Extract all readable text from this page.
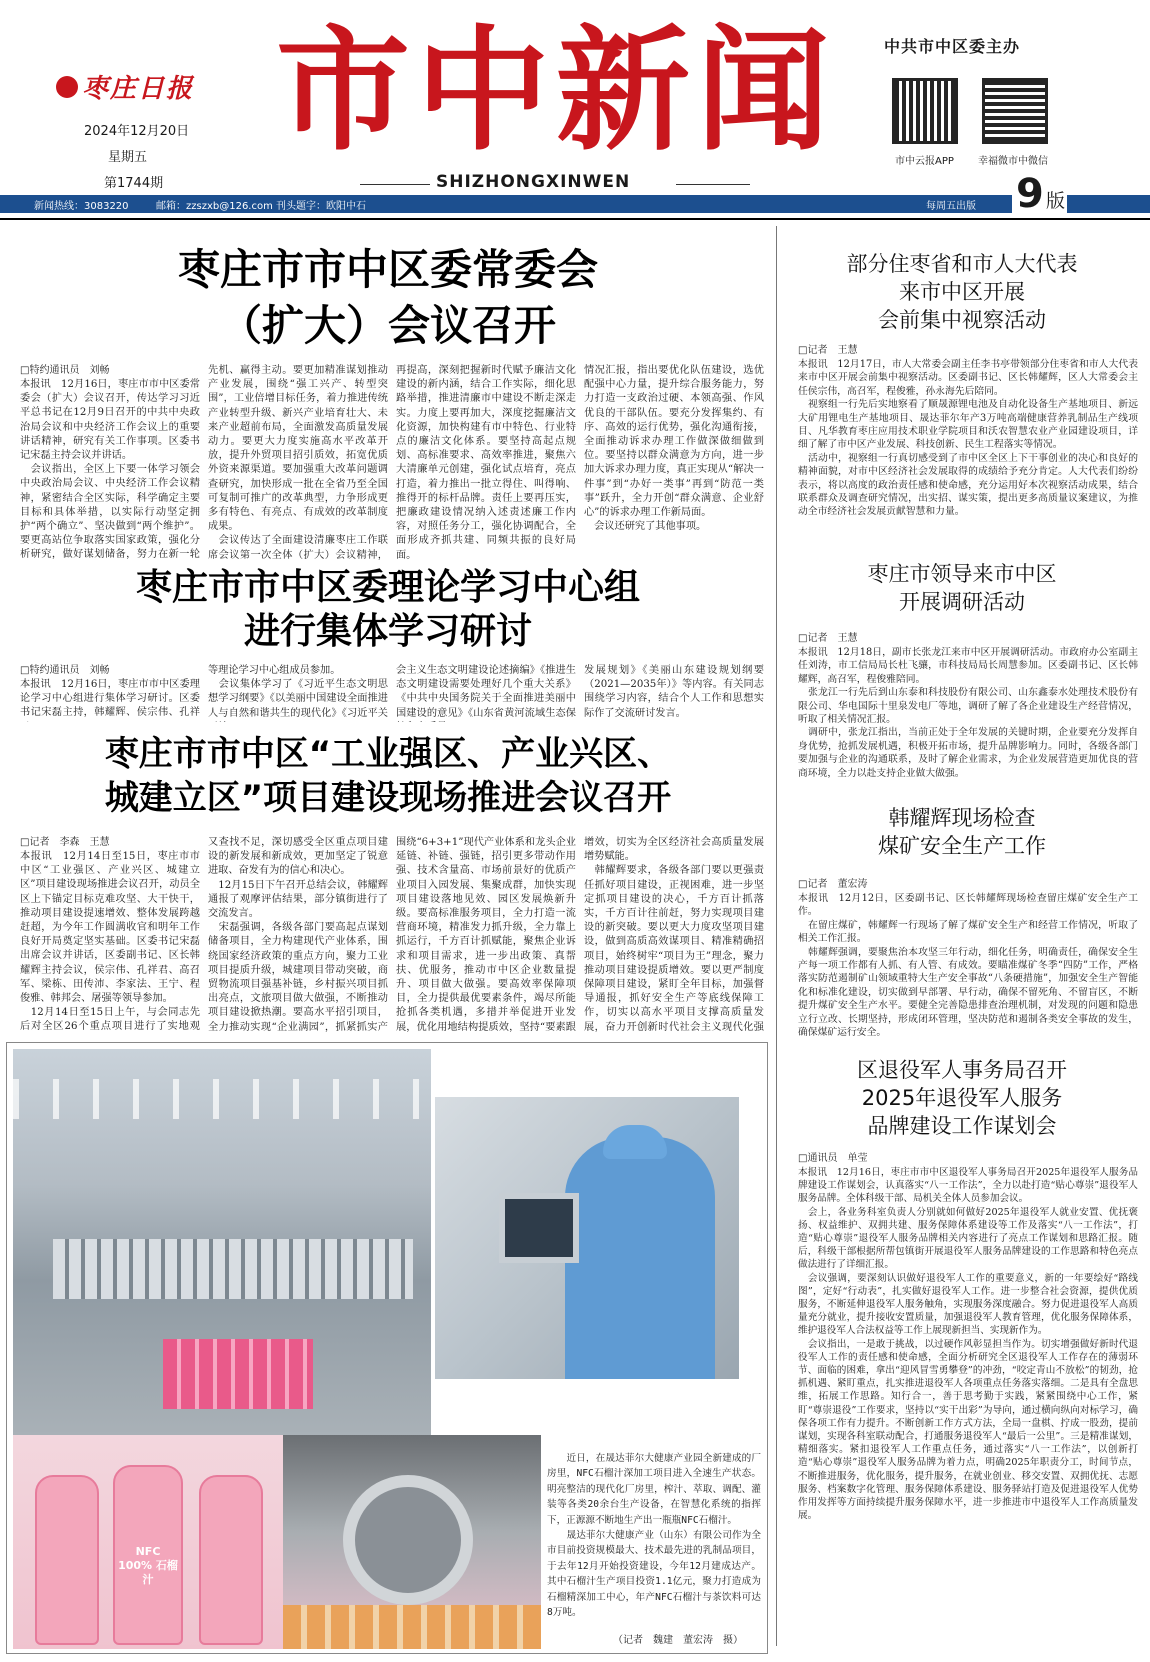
枣庄日报
2024年12月20日
星期五
第1744期
市中新闻
SHIZHONGXINWEN
中共市中区委主办
市中云报APP 幸福微市中微信
新闻热线：3083220	邮箱：zzszxb@126.com 刊头题字：欧阳中石	每周五出版 9 版
枣庄市市中区委常委会
（扩大）会议召开
□特约通讯员　刘畅
本报讯　12月16日，枣庄市市中区委常委会（扩大）会议召开，传达学习习近平总书记在12月9日召开的中共中央政治局会议和中央经济工作会议上的重要讲话精神，研究有关工作事项。区委书记宋磊主持会议并讲话。
　会议指出，全区上下要一体学习领会中央政治局会议、中央经济工作会议精神，紧密结合全区实际，科学确定主要目标和具体举措，以实际行动坚定拥护“两个确立”、坚决做到“两个维护”。要更高站位争取落实国家政策，强化分析研究，做好谋划储备，努力在新一轮
先机、赢得主动。要更加精准谋划推动产业发展，围绕“强工兴产、转型突围”，工业倍增目标任务，着力推进传统产业转型升级、新兴产业培育壮大、未来产业超前布局，全面激发高质量发展动力。要更大力度实施高水平改革开放，提升外贸项目招引质效，拓宽优质外资来源渠道。要加强重大改革问题调查研究，加快形成一批在全省乃至全国可复制可推广的改革典型，力争形成更多有特色、有亮点、有成效的改革制度成果。
　会议传达了全面建设清廉枣庄工作联席会议第一次全体（扩大）会议精神，
再提高，深刻把握新时代赋予廉洁文化建设的新内涵，结合工作实际，细化思路举措，推进清廉市中建设不断走深走实。力度上要再加大，深度挖掘廉洁文化资源，加快构建有市中特色、行业特点的廉洁文化体系。要坚持高起点规划、高标准要求、高效率推进，聚焦六大清廉单元创建，强化试点培育，亮点打造，着力推出一批立得住、叫得响、推得开的标杆品牌。责任上要再压实，把廉政建设情况纳入述责述廉工作内容，对照任务分工，强化协调配合，全面形成齐抓共建、同频共振的良好局面。

情况汇报，指出要优化队伍建设，选优配强中心力量，提升综合服务能力，努力打造一支政治过硬、本领高强、作风优良的干部队伍。要充分发挥集约、有序、高效的运行优势，强化沟通衔接，全面推动诉求办理工作做深做细做到位。要坚持以群众满意为方向，进一步加大诉求办理力度，真正实现从“解决一件事”到“办好一类事”再到“防范一类事”跃升，全力开创“群众满意、企业舒心”的诉求办理工作新局面。
　会议还研究了其他事项。
枣庄市市中区委理论学习中心组
进行集体学习研讨
□特约通讯员　刘畅
本报讯　12月16日，枣庄市市中区委理论学习中心组进行集体学习研讨。区委书记宋磊主持，韩耀辉、侯宗伟、孔祥
等理论学习中心组成员参加。
　会议集体学习了《习近平生态文明思想学习纲要》《以美丽中国建设全面推进人与自然和谐共生的现代化》《习近平关
会主义生态文明建设论述摘编》《推进生态文明建设需要处理好几个重大关系》《中共中央国务院关于全面推进美丽中国建设的意见》《山东省黄河流域生态保
发展规划》《美丽山东建设规划纲要（2021—2035年）》等内容。有关同志围绕学习内容，结合个人工作和思想实际作了交流研讨发言。
枣庄市市中区“工业强区、产业兴区、
城建立区”项目建设现场推进会议召开
□记者　李森　王慧
本报讯　12月14日至15日，枣庄市市中区“工业强区、产业兴区、城建立区”项目建设现场推进会议召开，动员全区上下锚定目标克难攻坚、大干快干，推动项目建设提速增效、整体发展跨越赶超，为今年工作圆满收官和明年工作良好开局奠定坚实基础。区委书记宋磊出席会议并讲话，区委副书记、区长韩耀辉主持会议，侯宗伟、孔祥君、高召军、梁栋、田传沛、李家法、王宁、程俊雅、韩邦会、屠强等领导参加。
　12月14日至15日上午，与会同志先后对全区26个重点项目进行了实地观
又查找不足，深切感受全区重点项目建设的新发展和新成效，更加坚定了锐意进取、奋发有为的信心和决心。
　12月15日下午召开总结会议，韩耀辉通报了观摩评估结果，部分镇街进行了交流发言。
　宋磊强调，各级各部门要高起点谋划储备项目，全力构建现代产业体系，围绕国家经济政策的重点方向，聚力工业项目提质升级，城建项目带动突破，商贸物流项目强基补链，乡村振兴项目抓出亮点，文旅项目做大做强，不断推动项目建设掀热潮。要高水平招引项目，全力推动实现“企业满园”，抓紧抓实产
围绕“6+3+1”现代产业体系和龙头企业延链、补链、强链，招引更多带动作用强、技术含量高、市场前景好的优质产业项目入园发展、集聚成群，加快实现项目建设落地见效、园区发展焕新升级。要高标准服务项目，全力打造一流营商环境，精准发力抓升级，全力靠上抓运行，千方百计抓赋能，聚焦企业诉求和项目需求，进一步出政策、真帮扶、优服务，推动市中区企业数量提升、项目做大做强。要高效率保障项目，全力提供最优要素条件，竭尽所能抢抓各类机遇，多措并举促进开业发展，优化用地结构提质效，坚持“要素跟
增效，切实为全区经济社会高质量发展增势赋能。
　韩耀辉要求，各级各部门要以更强责任抓好项目建设，正视困难，进一步坚定抓项目建设的决心，千方百计抓落实，千方百计往前赶，努力实现项目建设的新突破。要以更大力度攻坚项目建设，做到高质高效谋项目、精准精确招项目，始终树牢“项目为王”理念，聚力推动项目建设提质增效。要以更严制度保障项目建设，紧盯全年目标，加强督导通报，抓好安全生产等底线保障工作，切实以高水平项目支撑高质量发展，奋力开创新时代社会主义现代化强
NFC 100% 石榴汁
　　近日，在晟达菲尔大健康产业园全新建成的厂房里，NFC石榴汁深加工项目进入全速生产状态。明亮整洁的现代化厂房里，榨汁、萃取、调配、灌装等各类20余台生产设备，在智慧化系统的指挥下，正源源不断地生产出一瓶瓶NFC石榴汁。
　　晟达菲尔大健康产业（山东）有限公司作为全市目前投资规模最大、技术最先进的乳制品项目，于去年12月开始投资建设，今年12月建成达产。其中石榴汁生产项目投资1.1亿元，聚力打造成为石榴精深加工中心，年产NFC石榴汁与茶饮料可达8万吨。
（记者　魏建　董宏涛　摄）
部分住枣省和市人大代表
来市中区开展
会前集中视察活动
□记者　王慧
本报讯　12月17日，市人大常委会副主任李书亭带领部分住枣省和市人大代表来市中区开展会前集中视察活动。区委副书记、区长韩耀辉，区人大常委会主任侯宗伟，高召军，程俊雅，孙永海先后陪同。
　视察组一行先后实地察看了顺晟源锂电池及自动化设备生产基地项目、新远大矿用锂电生产基地项目、晟达菲尔年产3万吨高端健康营养乳制品生产线项目、凡华教育枣庄应用技术职业学院项目和沃农智慧农业产业园建设项目，详细了解了市中区产业发展、科技创新、民生工程落实等情况。
　活动中，视察组一行真切感受到了市中区全区上下干事创业的决心和良好的精神面貌，对市中区经济社会发展取得的成绩给予充分肯定。人大代表们纷纷表示，将以高度的政治责任感和使命感，充分运用好本次视察活动成果，结合联系群众及调查研究情况，出实招、谋实策，提出更多高质量议案建议，为推动全市经济社会发展贡献智慧和力量。
枣庄市领导来市中区
开展调研活动
□记者　王慧
本报讯　12月18日，副市长张龙江来市中区开展调研活动。市政府办公室副主任刘涛，市工信局局长杜飞骧，市科技局局长周慧参加。区委副书记、区长韩耀辉，高召军，程俊雅陪同。
　张龙江一行先后到山东泰和科技股份有限公司、山东鑫泰水处理技术股份有限公司、华电国际十里泉发电厂等地，调研了解了各企业建设生产经营情况，听取了相关情况汇报。
　调研中，张龙江指出，当前正处于全年发展的关键时期，企业要充分发挥自身优势，抢抓发展机遇，积极开拓市场，提升品牌影响力。同时，各级各部门要加强与企业的沟通联系，及时了解企业需求，为企业发展营造更加优良的营商环境，全力以赴支持企业做大做强。
韩耀辉现场检查
煤矿安全生产工作
□记者　董宏涛
本报讯　12月12日，区委副书记、区长韩耀辉现场检查留庄煤矿安全生产工作。
　在留庄煤矿，韩耀辉一行现场了解了煤矿安全生产和经营工作情况，听取了相关工作汇报。
　韩耀辉强调，要聚焦治本攻坚三年行动，细化任务，明确责任，确保安全生产每一项工作都有人抓、有人管、有成效。要瞄准煤矿冬季“四防”工作，严格落实防范遏制矿山领域重特大生产安全事故“八条硬措施”，加强安全生产智能化和标准化建设，切实做到早部署、早行动，确保不留死角、不留盲区，不断提升煤矿安全生产水平。要健全完善隐患排查治理机制，对发现的问题和隐患立行立改、长期坚持，形成闭环管理，坚决防范和遏制各类安全事故的发生，确保煤矿运行安全。
区退役军人事务局召开
2025年退役军人服务
品牌建设工作谋划会
□通讯员　单莹
本报讯　12月16日，枣庄市市中区退役军人事务局召开2025年退役军人服务品牌建设工作谋划会，认真落实“八一工作法”，全力以赴打造“贴心尊崇”退役军人服务品牌。全体科级干部、局机关全体人员参加会议。
　会上，各业务科室负责人分别就如何做好2025年退役军人就业安置、优抚褒扬、权益维护、双拥共建、服务保障体系建设等工作及落实“八一工作法”，打造“贴心尊崇”退役军人服务品牌相关内容进行了亮点工作谋划和思路汇报。随后，科级干部根据所帮包镇街开展退役军人服务品牌建设的工作思路和特色亮点做法进行了详细汇报。
　会议强调，要深刻认识做好退役军人工作的重要意义，新的一年要绘好“路线图”，定好“行动表”，扎实做好退役军人工作。进一步整合社会资源，提供优质服务，不断延伸退役军人服务触角，实现服务深度融合。努力促进退役军人高质量充分就业，提升接收安置质量，加强退役军人教育管理，优化服务保障体系，维护退役军人合法权益等工作上展现新担当、实现新作为。
　会议指出，一是敢于挑战，以过硬作风彰显担当作为。切实增强做好新时代退役军人工作的责任感和使命感，全面分析研究全区退役军人工作存在的薄弱环节、面临的困难，拿出“迎风冒雪勇攀登”的冲劲，“咬定青山不放松”的韧劲，抢抓机遇、紧盯重点，扎实推进退役军人各项重点任务落实落细。二是具有全盘思维，拓展工作思路。知行合一，善于思考勤于实践，紧紧围绕中心工作，紧盯“尊崇退役”工作要求，坚持以“实干出彩”为导向，通过横向纵向对标学习，确保各项工作有力提升。不断创新工作方式方法，全局一盘棋、拧成一股劲，提前谋划，实现各科室联动配合，打通服务退役军人“最后一公里”。三是精准谋划，精细落实。紧扣退役军人工作重点任务，通过落实“八一工作法”，以创新打造“贴心尊崇”退役军人服务品牌为着力点，明确2025年职责分工，时间节点，不断推进服务，优化服务，提升服务，在就业创业、移交安置、双拥优抚、志愿服务、档案数字化管理、服务保障体系建设、服务驿站打造及促进退役军人优势作用发挥等方面持续提升服务保障水平，进一步推进市中退役军人工作高质量发展。
